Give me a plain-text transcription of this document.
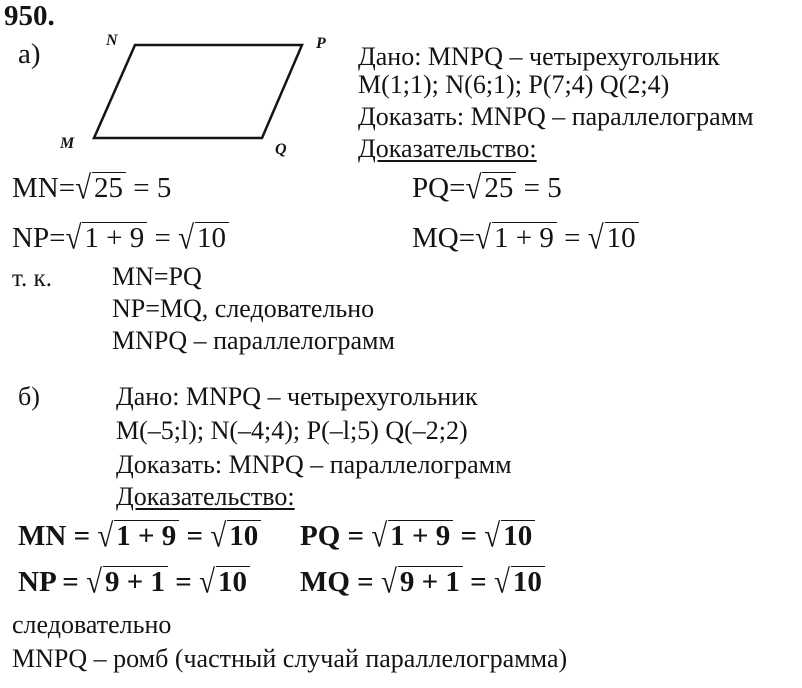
950.
а)	N	P
M	Q
Дано: MNPQ – четырехугольник
M(1;1); N(6;1); P(7;4) Q(2;4)
Доказать: MNPQ – параллелограмм
Доказательство:
MN=√ 25 = 5	PQ=√ 25 = 5
NP=√ 1 + 9 = √ 10	MQ=√ 1 + 9 = √ 10
т. к. MN=PQ
NP=MQ, следовательно
MNPQ – параллелограмм
б)	Дано: MNPQ – четырехугольник
M(–5;l); N(–4;4); P(–l;5) Q(–2;2)
Доказать: MNPQ – параллелограмм
Доказательство:
MN = √ 1 + 9 = √ 10 PQ = √ 1 + 9 = √ 10
NP = √ 9 + 1 = √ 10 MQ = √ 9 + 1 = √ 10
следовательно
MNPQ – ромб (частный случай параллелограмма)
